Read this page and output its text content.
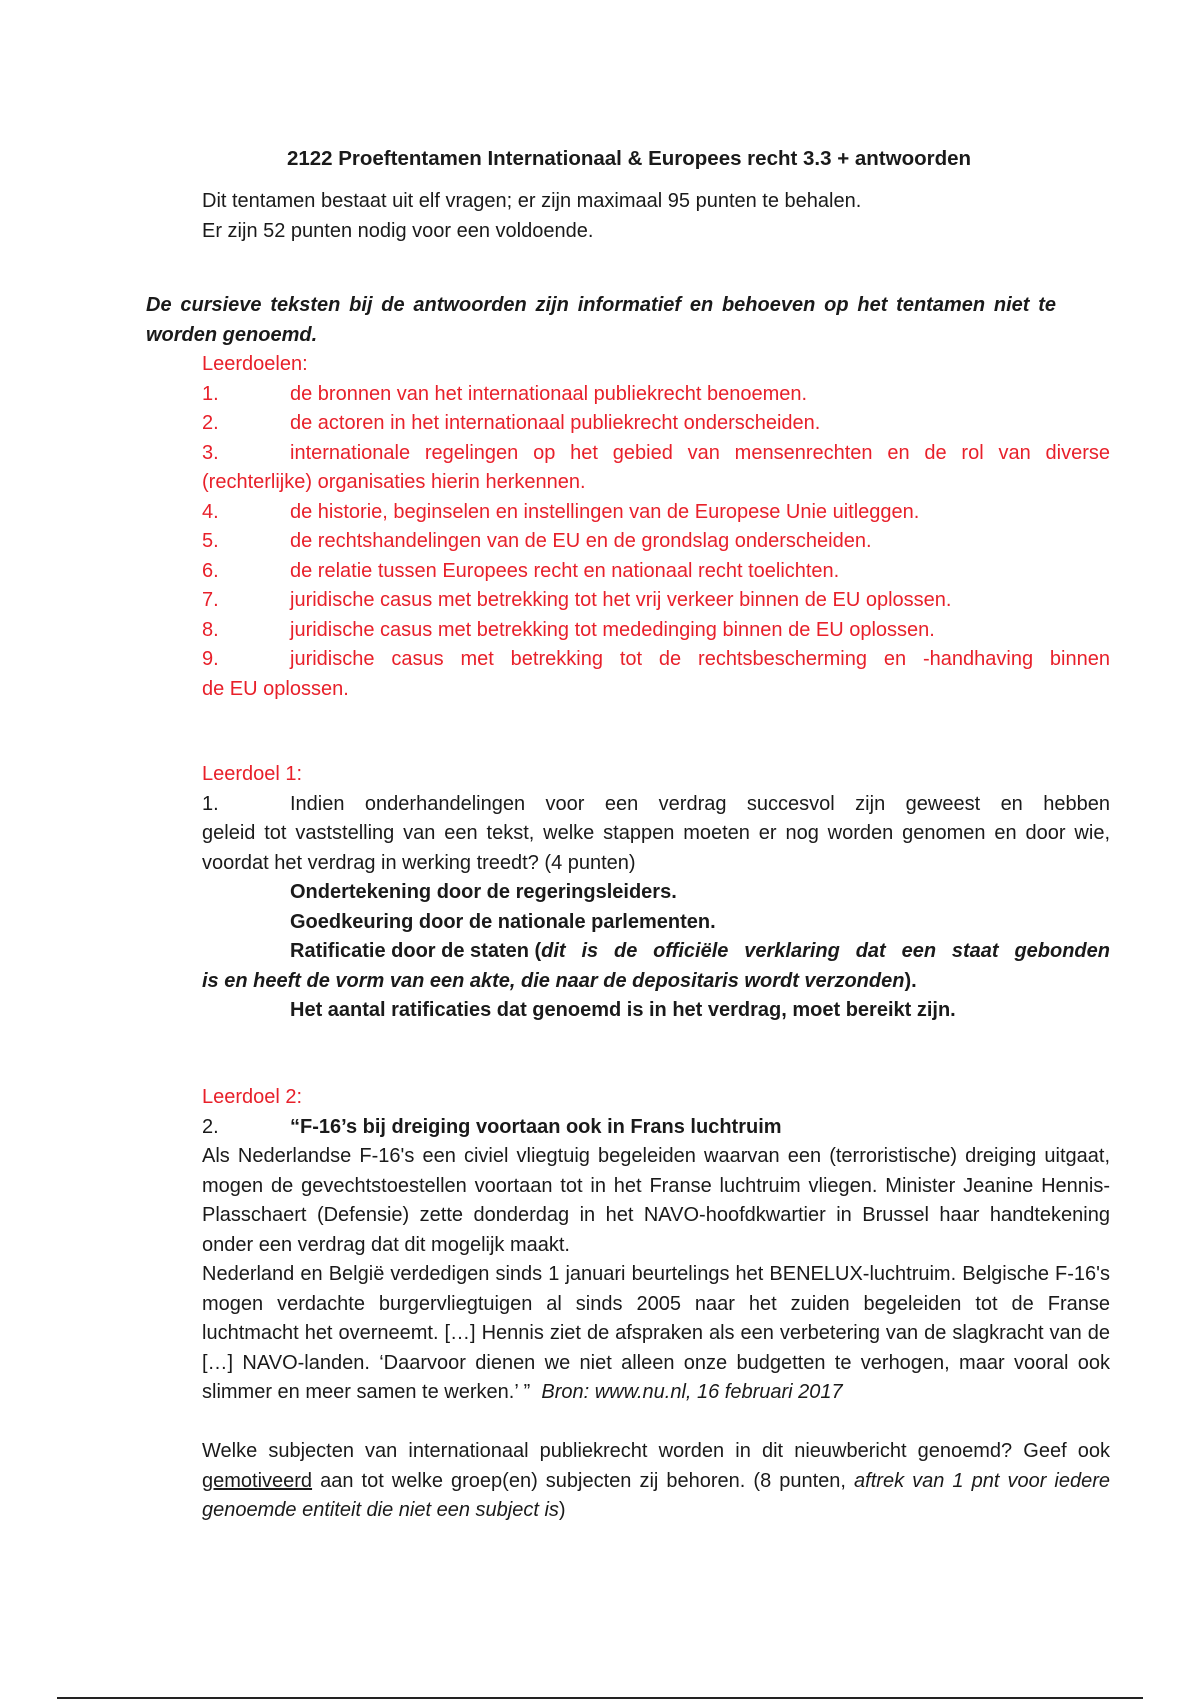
2122 Proeftentamen Internationaal & Europees recht 3.3 + antwoorden

Dit tentamen bestaat uit elf vragen; er zijn maximaal 95 punten te behalen.

Er zijn 52 punten nodig voor een voldoende.

De cursieve teksten bij de antwoorden zijn informatief en behoeven op het tentamen niet te worden genoemd.

Leerdoelen:

1.	de bronnen van het internationaal publiekrecht benoemen.
2.	de actoren in het internationaal publiekrecht onderscheiden.
3.	internationale regelingen op het gebied van mensenrechten en de rol van diverse

(rechterlijke) organisaties hierin herkennen.

4.	de historie, beginselen en instellingen van de Europese Unie uitleggen.
5.	de rechtshandelingen van de EU en de grondslag onderscheiden.
6.	de relatie tussen Europees recht en nationaal recht toelichten.
7.	juridische casus met betrekking tot het vrij verkeer binnen de EU oplossen.
8.	juridische casus met betrekking tot mededinging binnen de EU oplossen.
9.	juridische casus met betrekking tot de rechtsbescherming en -handhaving binnen

de EU oplossen.

Leerdoel 1:

1.	Indien onderhandelingen voor een verdrag succesvol zijn geweest en hebben

geleid tot vaststelling van een tekst, welke stappen moeten er nog worden genomen en door wie, voordat het verdrag in werking treedt? (4 punten)

Ondertekening door de regeringsleiders.

Goedkeuring door de nationale parlementen.

Ratificatie door de staten ( dit is de officiële verklaring dat een staat gebonden

is en heeft de vorm van een akte, die naar de depositaris wordt verzonden).

Het aantal ratificaties dat genoemd is in het verdrag, moet bereikt zijn.

Leerdoel 2:

2.	“F-16’s bij dreiging voortaan ook in Frans luchtruim

Als Nederlandse F-16's een civiel vliegtuig begeleiden waarvan een (terroristische) dreiging uitgaat, mogen de gevechtstoestellen voortaan tot in het Franse luchtruim vliegen. Minister Jeanine Hennis-Plasschaert (Defensie) zette donderdag in het NAVO-hoofdkwartier in Brussel haar handtekening onder een verdrag dat dit mogelijk maakt.

Nederland en België verdedigen sinds 1 januari beurtelings het BENELUX-luchtruim. Belgische F-16's mogen verdachte burgervliegtuigen al sinds 2005 naar het zuiden begeleiden tot de Franse luchtmacht het overneemt. […] Hennis ziet de afspraken als een verbetering van de slagkracht van de […] NAVO-landen. ‘Daarvoor dienen we niet alleen onze budgetten te verhogen, maar vooral ook slimmer en meer samen te werken.’ ” Bron: www.nu.nl, 16 februari 2017

Welke subjecten van internationaal publiekrecht worden in dit nieuwbericht genoemd? Geef ook gemotiveerd aan tot welke groep(en) subjecten zij behoren. (8 punten, aftrek van 1 pnt voor iedere genoemde entiteit die niet een subject is)
